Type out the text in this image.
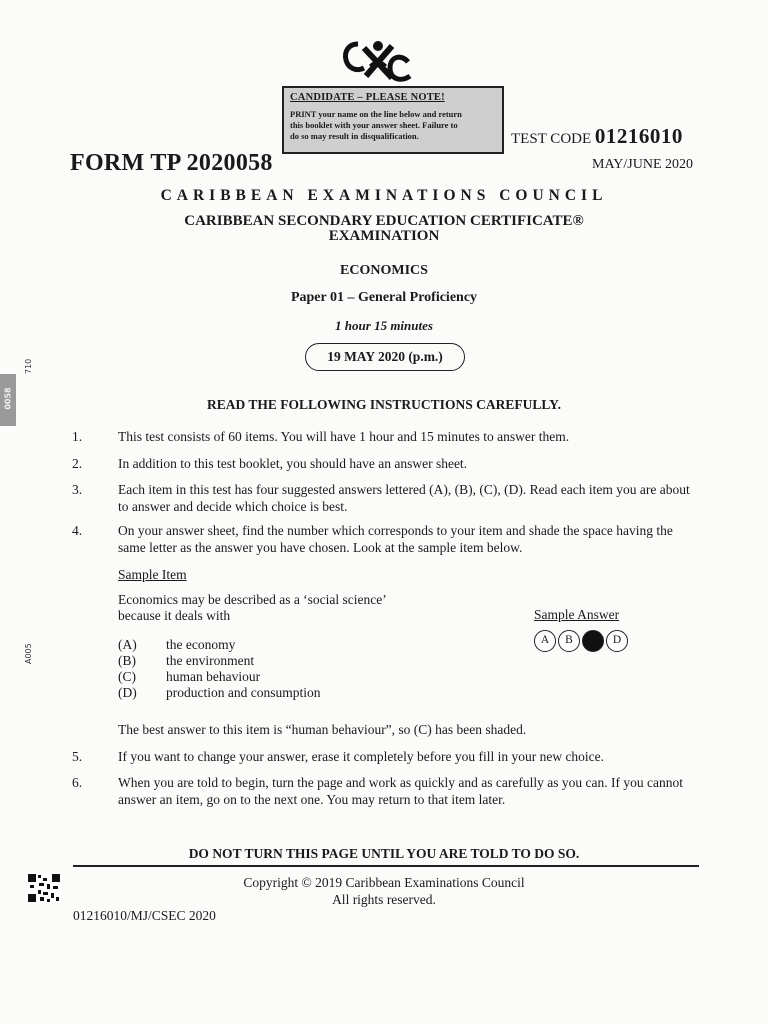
710
0058
A005
CANDIDATE – PLEASE NOTE!
PRINT your name on the line below and return
this booklet with your answer sheet. Failure to
do so may result in disqualification.
FORM TP 2020058
TEST CODE 01216010
MAY/JUNE 2020
CARIBBEAN EXAMINATIONS COUNCIL
CARIBBEAN SECONDARY EDUCATION CERTIFICATE®
EXAMINATION
ECONOMICS
Paper 01 – General Proficiency
1 hour 15 minutes
19 MAY 2020 (p.m.)
READ THE FOLLOWING INSTRUCTIONS CAREFULLY.
1.	This test consists of 60 items. You will have 1 hour and 15 minutes to answer them.
2.	In addition to this test booklet, you should have an answer sheet.
3.	Each item in this test has four suggested answers lettered (A), (B), (C), (D). Read each item you are about to answer and decide which choice is best.
4.	On your answer sheet, find the number which corresponds to your item and shade the space having the same letter as the answer you have chosen. Look at the sample item below.
Sample Item
Economics may be described as a ‘social science’
because it deals with
(A) the economy
(B) the environment
(C) human behaviour
(D) production and consumption
Sample Answer
A	B	C	D
The best answer to this item is “human behaviour”, so (C) has been shaded.
5.	If you want to change your answer, erase it completely before you fill in your new choice.
6.	When you are told to begin, turn the page and work as quickly and as carefully as you can. If you cannot answer an item, go on to the next one. You may return to that item later.
DO NOT TURN THIS PAGE UNTIL YOU ARE TOLD TO DO SO.
Copyright © 2019 Caribbean Examinations Council
All rights reserved.
01216010/MJ/CSEC 2020
